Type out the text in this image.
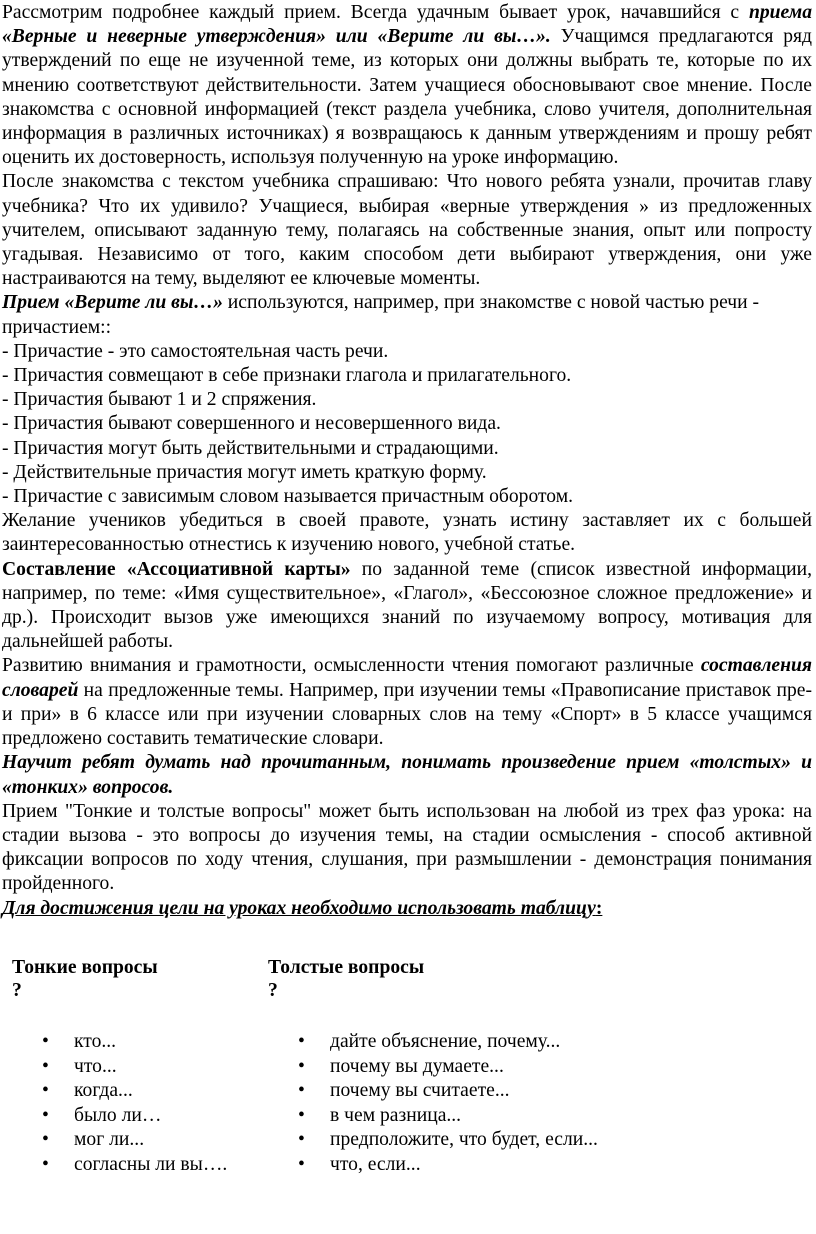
Рассмотрим подробнее каждый прием. Всегда удачным бывает урок, начавшийся с приема «Верные и неверные утверждения» или «Верите ли вы…». Учащимся предлагаются ряд утверждений по еще не изученной теме, из которых они должны выбрать те, которые по их мнению соответствуют действительности. Затем учащиеся обосновывают свое мнение. После знакомства с основной информацией (текст раздела учебника, слово учителя, дополнительная информация в различных источниках) я возвращаюсь к данным утверждениям и прошу ребят оценить их достоверность, используя полученную на уроке информацию.

После знакомства с текстом учебника спрашиваю: Что нового ребята узнали, прочитав главу учебника? Что их удивило? Учащиеся, выбирая «верные утверждения » из предложенных учителем, описывают заданную тему, полагаясь на собственные знания, опыт или попросту угадывая. Независимо от того, каким способом дети выбирают утверждения, они уже настраиваются на тему, выделяют ее ключевые моменты.

Прием «Верите ли вы…» используются, например, при знакомстве с новой частью речи - причастием::

- Причастие - это самостоятельная часть речи.

- Причастия совмещают в себе признаки глагола и прилагательного.

- Причастия бывают 1 и 2 спряжения.

- Причастия бывают совершенного и несовершенного вида.

- Причастия могут быть действительными и страдающими.

- Действительные причастия могут иметь краткую форму.

- Причастие с зависимым словом называется причастным оборотом.

Желание учеников убедиться в своей правоте, узнать истину заставляет их с большей заинтересованностью отнестись к изучению нового, учебной статье.

Составление «Ассоциативной карты» по заданной теме (список известной информации, например, по теме: «Имя существительное», «Глагол», «Бессоюзное сложное предложение» и др.). Происходит вызов уже имеющихся знаний по изучаемому вопросу, мотивация для дальнейшей работы.

Развитию внимания и грамотности, осмысленности чтения помогают различные составления словарей на предложенные темы. Например, при изучении темы «Правописание приставок пре- и при» в 6 классе или при изучении словарных слов на тему «Спорт» в 5 классе учащимся предложено составить тематические словари.

Научит ребят думать над прочитанным, понимать произведение прием «толстых» и «тонких» вопросов.

Прием "Тонкие и толстые вопросы" может быть использован на любой из трех фаз урока: на стадии вызова - это вопросы до изучения темы, на стадии осмысления - способ активной фиксации вопросов по ходу чтения, слушания, при размышлении - демонстрация понимания пройденного.

Для достижения цели на уроках необходимо использовать таблицу:

Тонкие вопросы
?
• кто...
• что...
• когда...
• было ли…
• мог ли...
• согласны ли вы….
Толстые вопросы
?
• дайте объяснение, почему...
• почему вы думаете...
• почему вы считаете...
• в чем разница...
• предположите, что будет, если...
• что, если...
